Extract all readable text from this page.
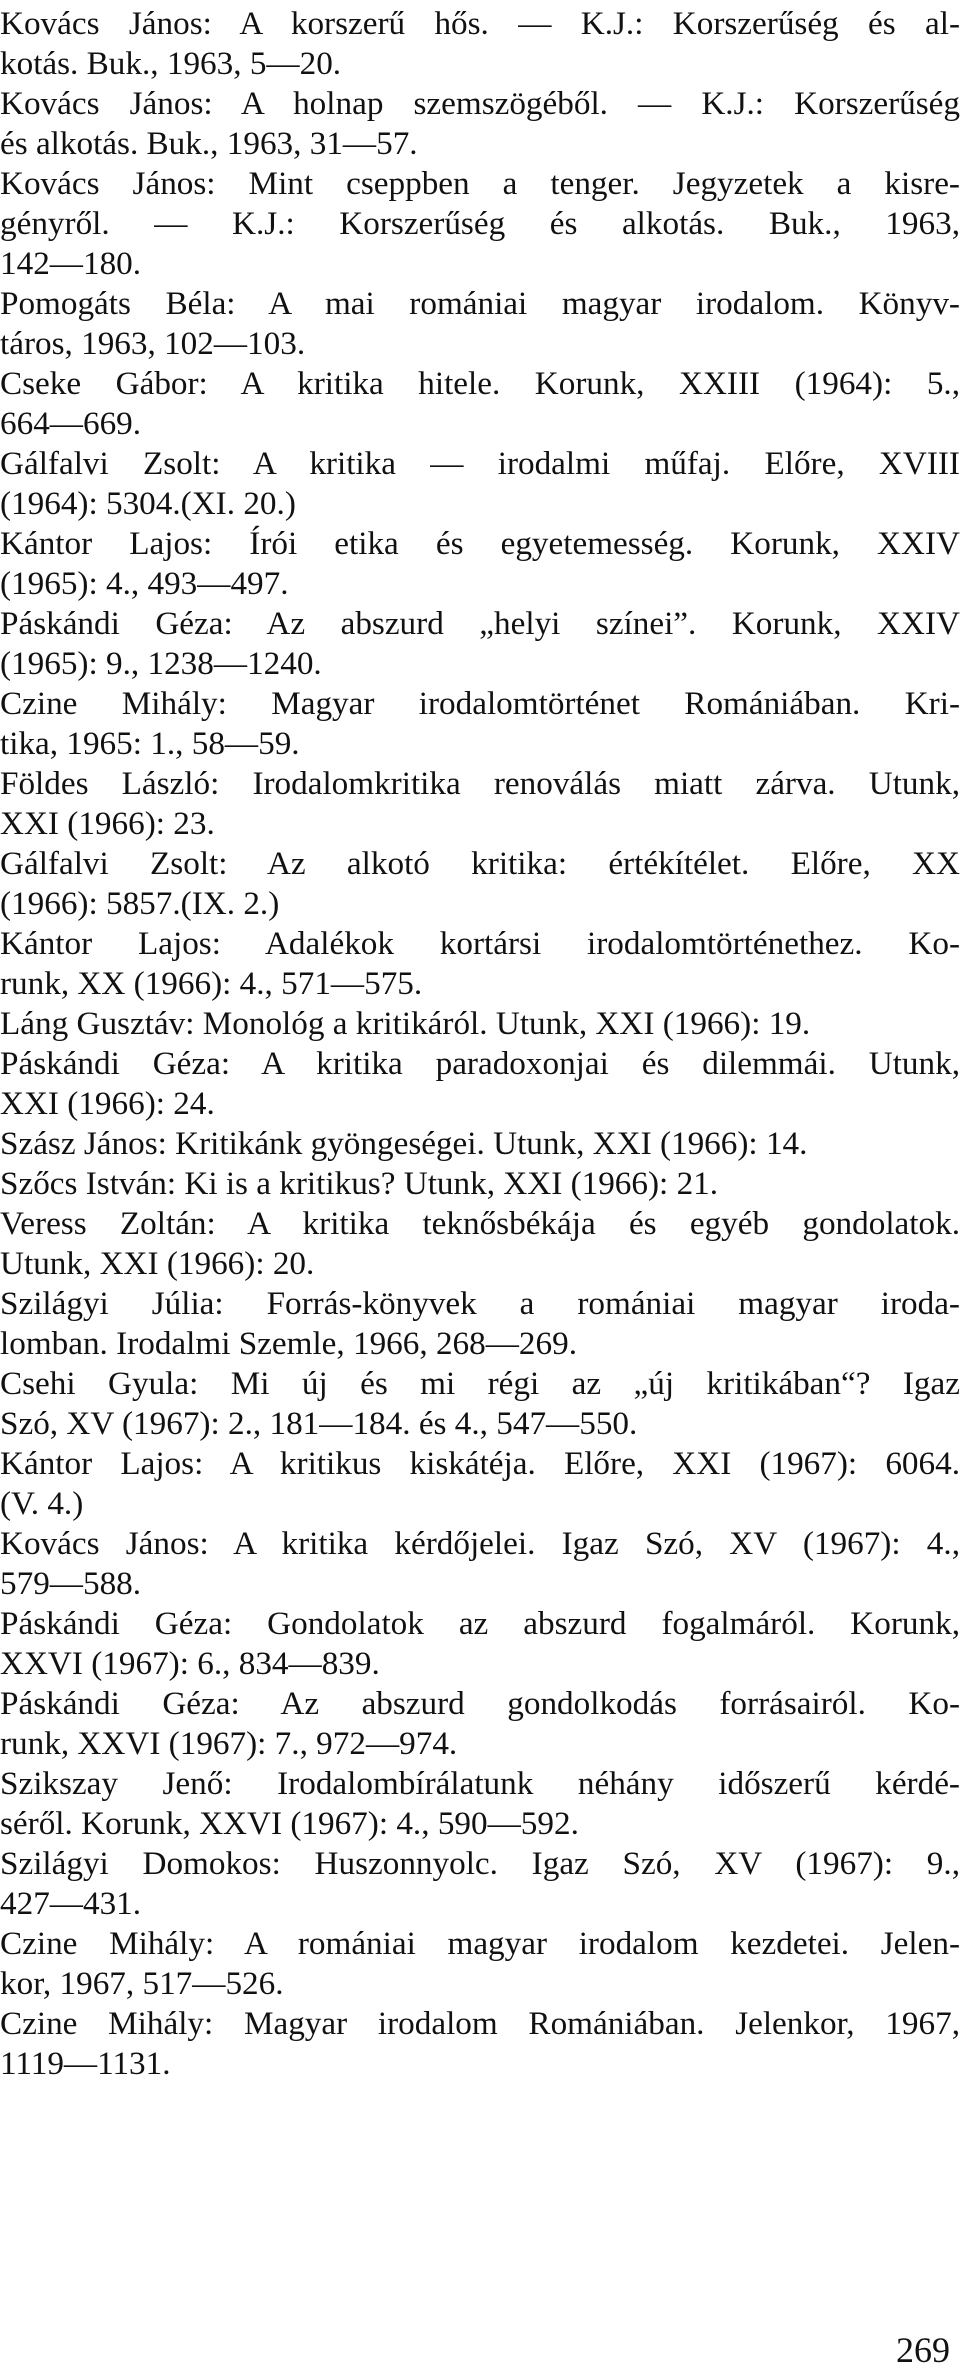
Kovács János: A korszerű hős. — K.J.: Korszerűség és al-
kotás. Buk., 1963, 5—20.
Kovács János: A holnap szemszögéből. — K.J.: Korszerűség
és alkotás. Buk., 1963, 31—57.
Kovács János: Mint cseppben a tenger. Jegyzetek a kisre-
gényről. — K.J.: Korszerűség és alkotás. Buk., 1963,
142—180.
Pomogáts Béla: A mai romániai magyar irodalom. Könyv-
táros, 1963, 102—103.
Cseke Gábor: A kritika hitele. Korunk, XXIII (1964): 5.,
664—669.
Gálfalvi Zsolt: A kritika — irodalmi műfaj. Előre, XVIII
(1964): 5304.(XI. 20.)
Kántor Lajos: Írói etika és egyetemesség. Korunk, XXIV
(1965): 4., 493—497.
Páskándi Géza: Az abszurd „helyi színei”. Korunk, XXIV
(1965): 9., 1238—1240.
Czine Mihály: Magyar irodalomtörténet Romániában. Kri-
tika, 1965: 1., 58—59.
Földes László: Irodalomkritika renoválás miatt zárva. Utunk,
XXI (1966): 23.
Gálfalvi Zsolt: Az alkotó kritika: értékítélet. Előre, XX
(1966): 5857.(IX. 2.)
Kántor Lajos: Adalékok kortársi irodalomtörténethez. Ko-
runk, XX (1966): 4., 571—575.
Láng Gusztáv: Monológ a kritikáról. Utunk, XXI (1966): 19.
Páskándi Géza: A kritika paradoxonjai és dilemmái. Utunk,
XXI (1966): 24.
Szász János: Kritikánk gyöngeségei. Utunk, XXI (1966): 14.
Szőcs István: Ki is a kritikus? Utunk, XXI (1966): 21.
Veress Zoltán: A kritika teknősbékája és egyéb gondolatok.
Utunk, XXI (1966): 20.
Szilágyi Júlia: Forrás-könyvek a romániai magyar iroda-
lomban. Irodalmi Szemle, 1966, 268—269.
Csehi Gyula: Mi új és mi régi az „új kritikában“? Igaz
Szó, XV (1967): 2., 181—184. és 4., 547—550.
Kántor Lajos: A kritikus kiskátéja. Előre, XXI (1967): 6064.
(V. 4.)
Kovács János: A kritika kérdőjelei. Igaz Szó, XV (1967): 4.,
579—588.
Páskándi Géza: Gondolatok az abszurd fogalmáról. Korunk,
XXVI (1967): 6., 834—839.
Páskándi Géza: Az abszurd gondolkodás forrásairól. Ko-
runk, XXVI (1967): 7., 972—974.
Szikszay Jenő: Irodalombírálatunk néhány időszerű kérdé-
séről. Korunk, XXVI (1967): 4., 590—592.
Szilágyi Domokos: Huszonnyolc. Igaz Szó, XV (1967): 9.,
427—431.
Czine Mihály: A romániai magyar irodalom kezdetei. Jelen-
kor, 1967, 517—526.
Czine Mihály: Magyar irodalom Romániában. Jelenkor, 1967,
1119—1131.
269
